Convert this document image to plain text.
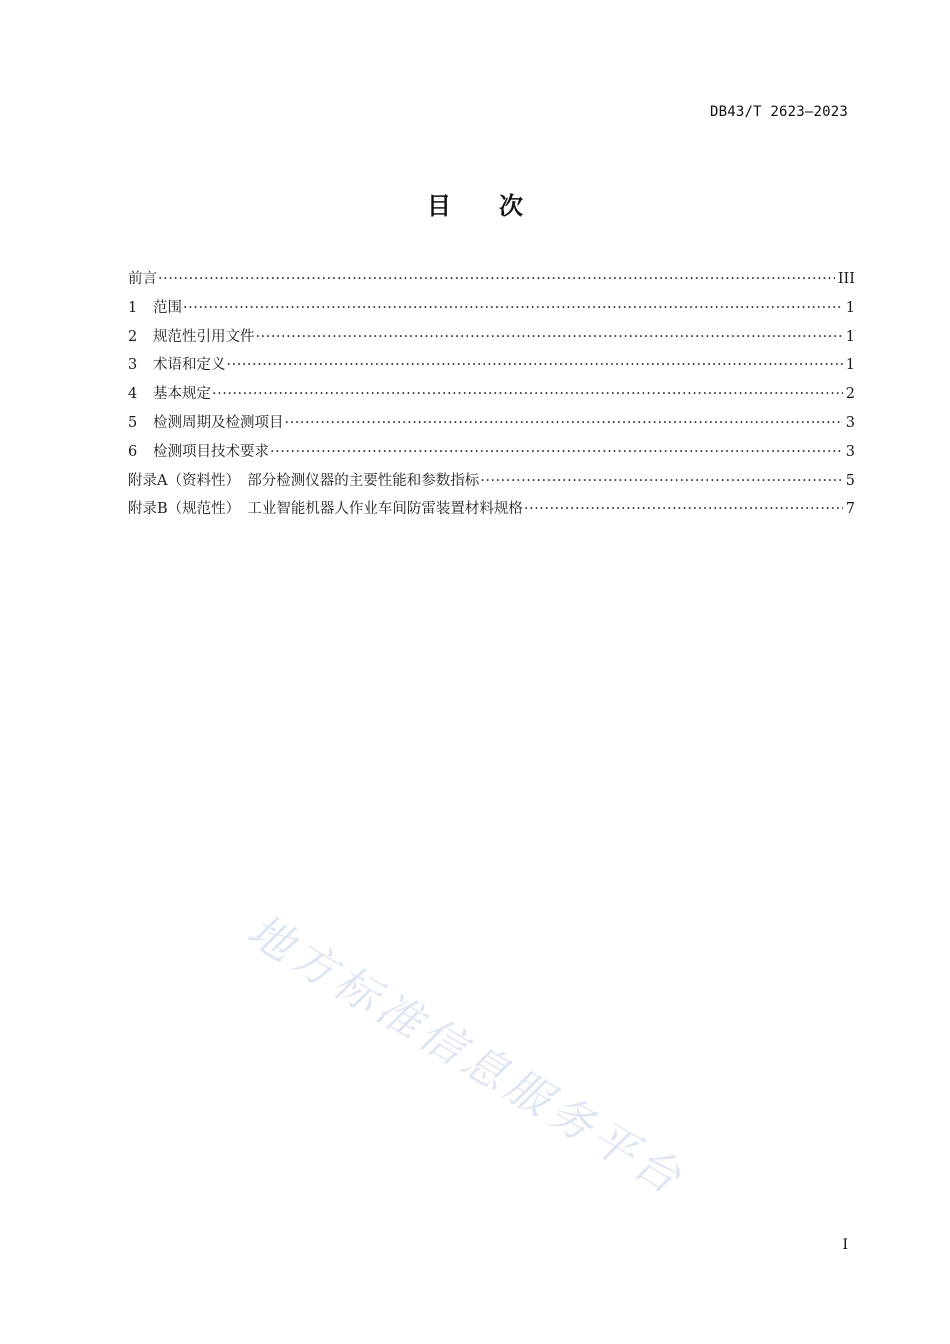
DB43/T 2623—2023
目次
前言 ·····	III
1	范围 ·····	1
2	规范性引用文件 ·····	1
3	术语和定义 ·····	1
4	基本规定 ·····	2
5	检测周期及检测项目 ·····	3
6	检测项目技术要求 ·····	3
附录A（资料性）　部分检测仪器的主要性能和参数指标 ·····	5
附录B（规范性）　工业智能机器人作业车间防雷装置材料规格 ·····	7
地方标准信息服务平台
I
